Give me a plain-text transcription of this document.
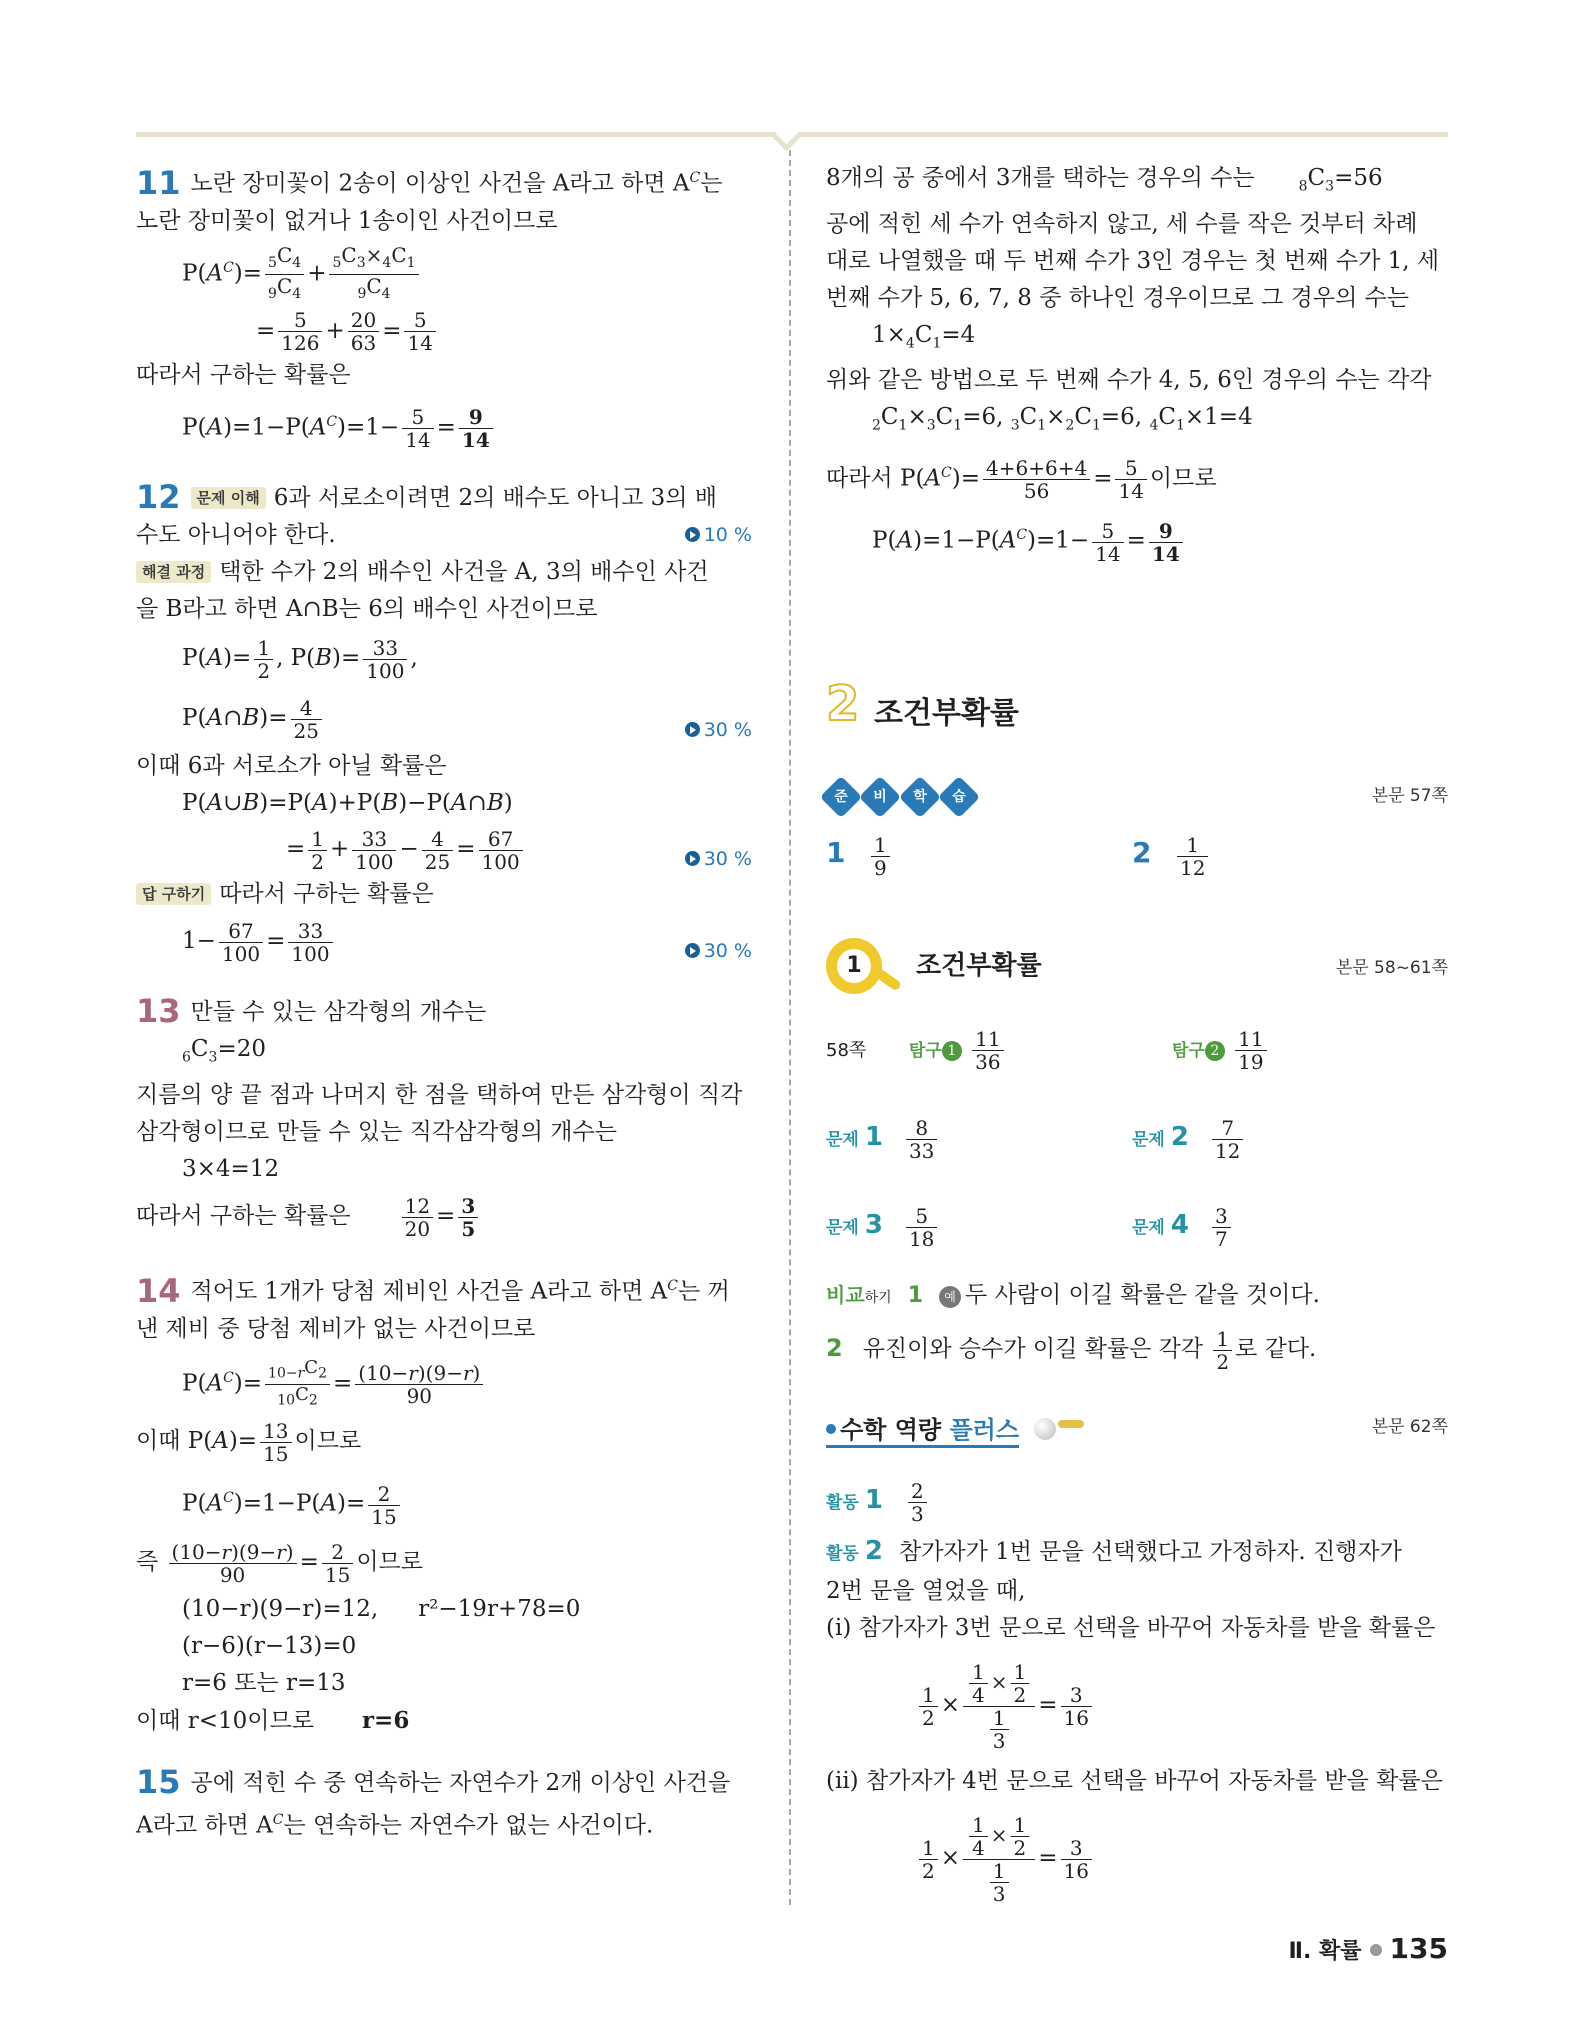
11 노란 장미꽃이 2송이 이상인 사건을 A라고 하면 $A^C$는
노란 장미꽃이 없거나 1송이인 사건이므로
$P(A^C)= \frac{_5C_4}{_9C_4} + \frac{_5C_3\times_4C_1}{_9C_4}$
= $\frac{5}{126} + \frac{20}{63} = \frac{5}{14}$
따라서 구하는 확률은
$P(A)=1-P(A^C)=1- \frac{5}{14} = \frac{9}{14}$
12 문제 이해 6과 서로소이려면 2의 배수도 아니고 3의 배
수도 아니어야 한다.	10 %
해결 과정 택한 수가 2의 배수인 사건을 A, 3의 배수인 사건
을 B라고 하면 A∩B는 6의 배수인 사건이므로
$P(A)= \frac{1}{2}$ , $P(B)= \frac{33}{100}$ ,
P(A∩B)= $\frac{4}{25}$	30 %
이때 6과 서로소가 아닐 확률은
P(A∪B)=P(A)+P(B)−P(A∩B)
= $\frac{1}{2} + \frac{33}{100} - \frac{4}{25} = \frac{67}{100}$	30 %
답 구하기 따라서 구하는 확률은
$1- \frac{67}{100} = \frac{33}{100}$	30 %
13 만들 수 있는 삼각형의 개수는
$_6C_3=20$
지름의 양 끝 점과 나머지 한 점을 택하여 만든 삼각형이 직각
삼각형이므로 만들 수 있는 직각삼각형의 개수는
3×4=12
따라서 구하는 확률은	$\frac{12}{20} = \frac{3}{5}$
14 적어도 1개가 당첨 제비인 사건을 A라고 하면 $A^C$는 꺼
낸 제비 중 당첨 제비가 없는 사건이므로
$P(A^C)= \frac{_{10-r}C_2}{_{10}C_2} = \frac{(10-r)(9-r)}{90}$
이때 $P(A)= \frac{13}{15}$ 이므로
$P(A^C)=1-P(A)= \frac{2}{15}$
즉 $\frac{(10-r)(9-r)}{90} = \frac{2}{15}$ 이므로
(10−r)(9−r)=12, r²−19r+78=0
(r−6)(r−13)=0
r=6 또는 r=13
이때 r<10이므로 r=6
15 공에 적힌 수 중 연속하는 자연수가 2개 이상인 사건을
A라고 하면 $A^C$는 연속하는 자연수가 없는 사건이다.
8개의 공 중에서 3개를 택하는 경우의 수는	$_8C_3=56$
공에 적힌 세 수가 연속하지 않고, 세 수를 작은 것부터 차례
대로 나열했을 때 두 번째 수가 3인 경우는 첫 번째 수가 1, 세
번째 수가 5, 6, 7, 8 중 하나인 경우이므로 그 경우의 수는
$1\times_4C_1=4$
위와 같은 방법으로 두 번째 수가 4, 5, 6인 경우의 수는 각각
$_2C_1\times_3C_1=6$, $_3C_1\times_2C_1=6$, $_4C_1\times 1=4$
따라서 $P(A^C)= \frac{4+6+6+4}{56} = \frac{5}{14}$ 이므로
$P(A)=1-P(A^C)=1- \frac{5}{14} = \frac{9}{14}$
2 조건부확률
준
	비
	학
	습	본문 57쪽
$1 \frac{1}{9}$	$2 \frac{1}{12}$
1	조건부확률	본문 58~61쪽
58쪽	탐구 $1 \frac{11}{36}$	탐구 $2 \frac{11}{19}$
문제 $1 \frac{8}{33}$	문제 $2 \frac{7}{12}$
문제 $3 \frac{5}{18}$	문제 $4 \frac{3}{7}$
비교하기 1 예 두 사람이 이길 확률은 같을 것이다.
2 유진이와 승수가 이길 확률은 각각 $\frac{1}{2}$ 로 같다.
수학 역량 플러스	본문 62쪽
활동 $1 \frac{2}{3}$
활동 2 참가자가 1번 문을 선택했다고 가정하자. 진행자가
2번 문을 열었을 때,
(ⅰ) 참가자가 3번 문으로 선택을 바꾸어 자동차를 받을 확률은
$\frac{1}{2} \times \frac{\frac{1}{4} \times \frac{1}{2}}{\frac{1}{3}} = \frac{3}{16}$
(ⅱ) 참가자가 4번 문으로 선택을 바꾸어 자동차를 받을 확률은
$\frac{1}{2} \times \frac{\frac{1}{4} \times \frac{1}{2}}{\frac{1}{3}} = \frac{3}{16}$
Ⅱ. 확률 135
